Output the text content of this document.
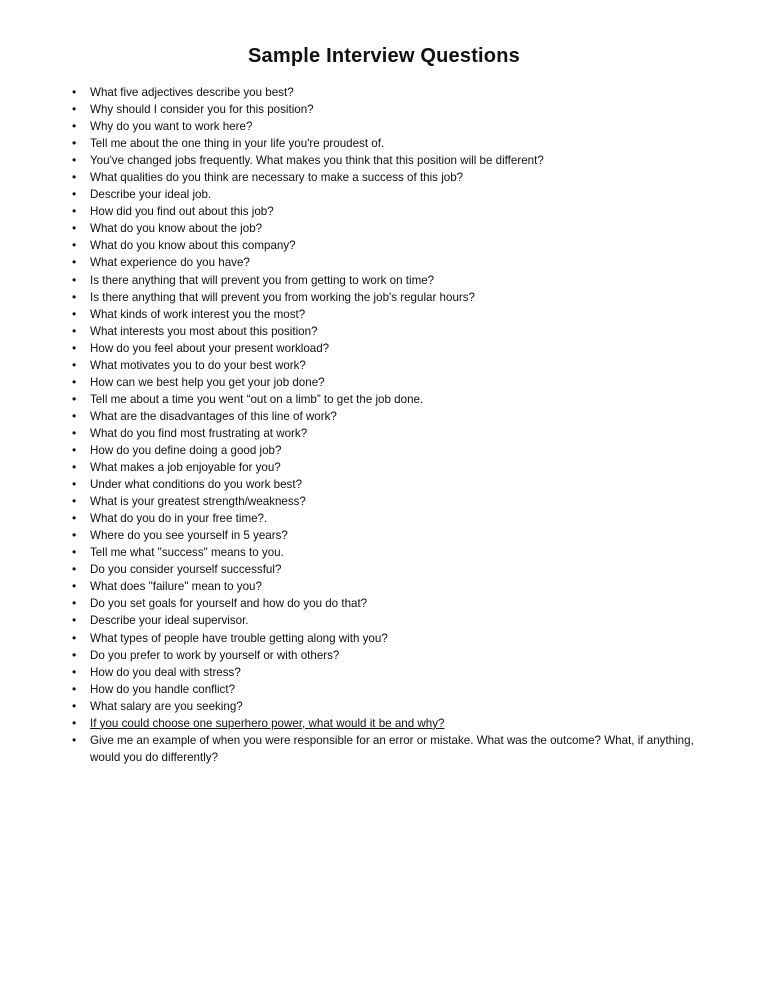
Sample Interview Questions
• What five adjectives describe you best?
• Why should I consider you for this position?
• Why do you want to work here?
• Tell me about the one thing in your life you're proudest of.
• You've changed jobs frequently. What makes you think that this position will be different?
• What qualities do you think are necessary to make a success of this job?
• Describe your ideal job.
• How did you find out about this job?
• What do you know about the job?
• What do you know about this company?
• What experience do you have?
• Is there anything that will prevent you from getting to work on time?
• Is there anything that will prevent you from working the job's regular hours?
• What kinds of work interest you the most?
• What interests you most about this position?
• How do you feel about your present workload?
• What motivates you to do your best work?
• How can we best help you get your job done?
• Tell me about a time you went “out on a limb” to get the job done.
• What are the disadvantages of this line of work?
• What do you find most frustrating at work?
• How do you define doing a good job?
• What makes a job enjoyable for you?
• Under what conditions do you work best?
• What is your greatest strength/weakness?
• What do you do in your free time?.
• Where do you see yourself in 5 years?
• Tell me what "success" means to you.
• Do you consider yourself successful?
• What does "failure" mean to you?
• Do you set goals for yourself and how do you do that?
• Describe your ideal supervisor.
• What types of people have trouble getting along with you?
• Do you prefer to work by yourself or with others?
• How do you deal with stress?
• How do you handle conflict?
• What salary are you seeking?
• If you could choose one superhero power, what would it be and why?
• Give me an example of when you were responsible for an error or mistake. What was the outcome? What, if anything, would you do differently?
